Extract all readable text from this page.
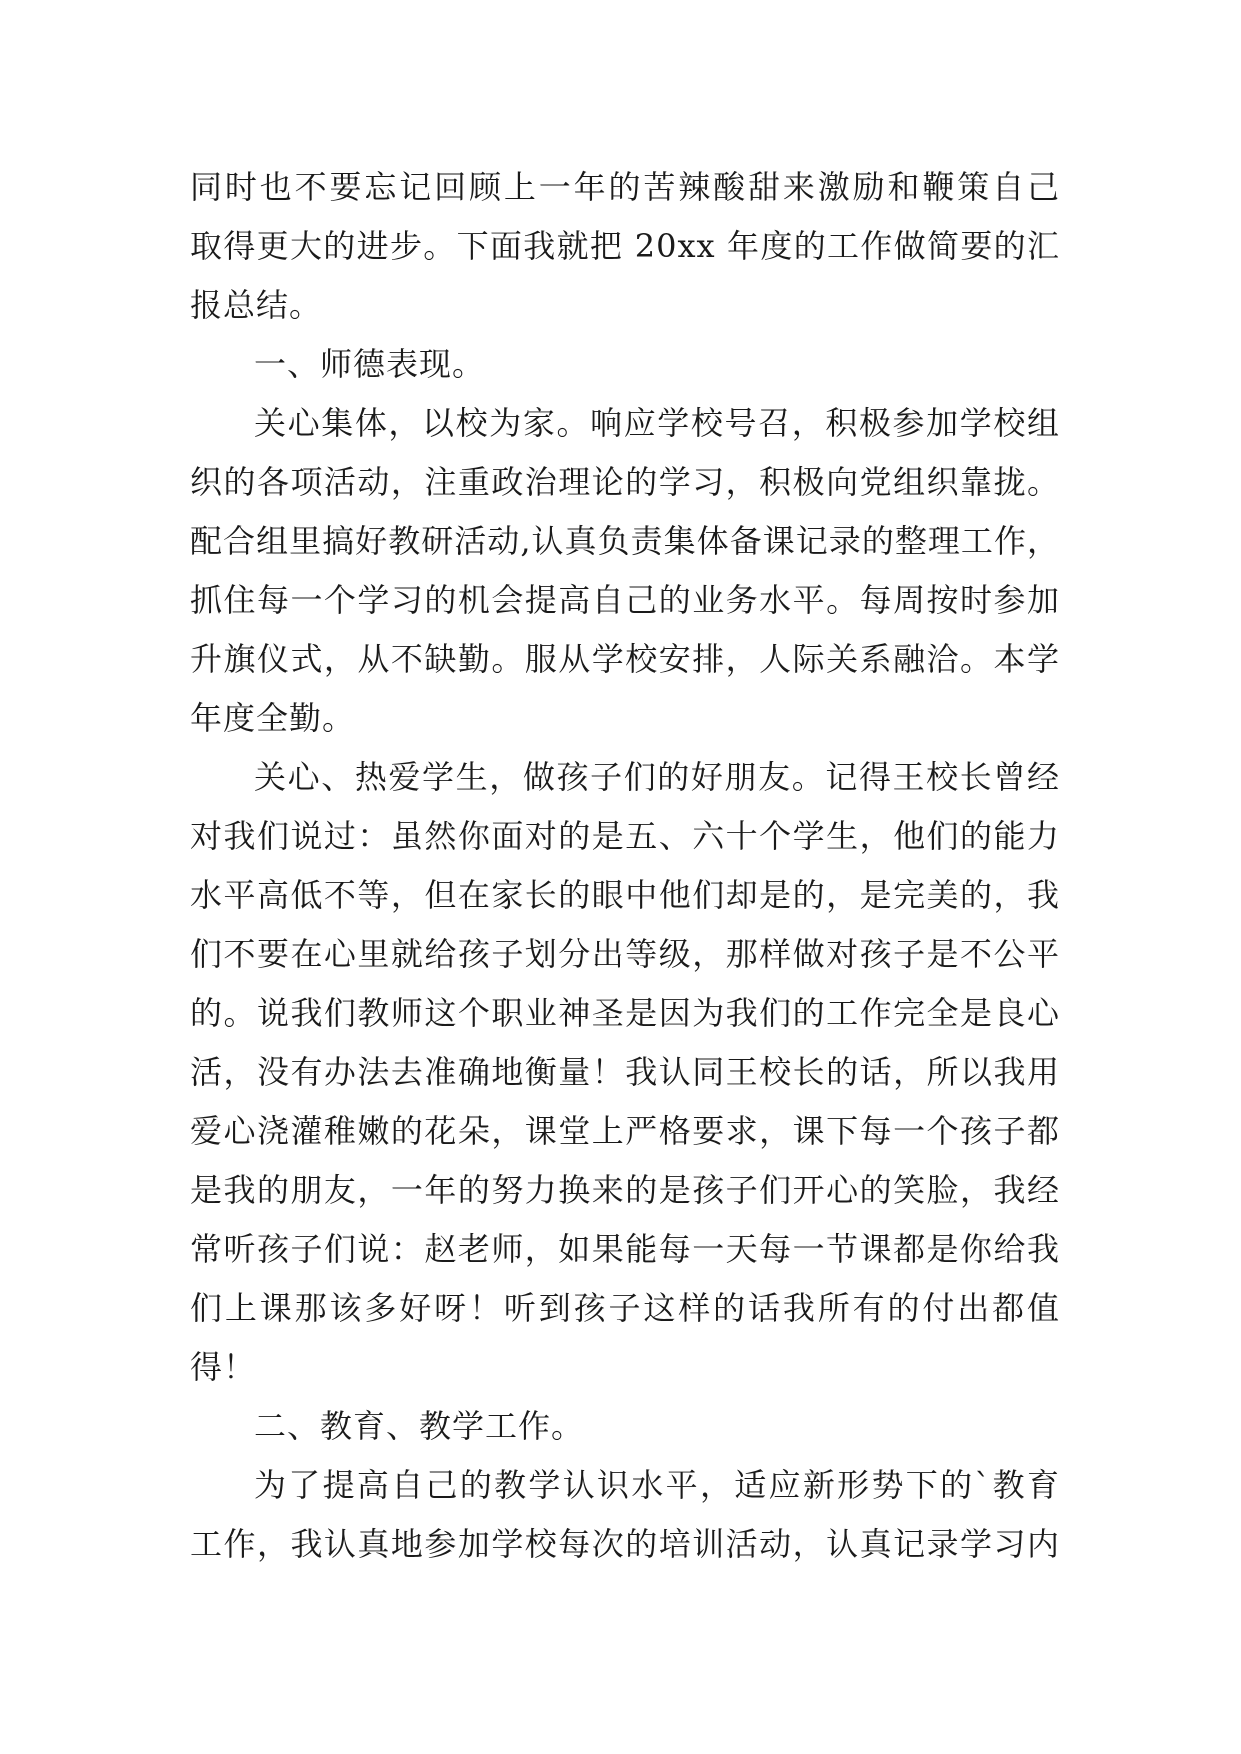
同时也不要忘记回顾上一年的苦辣酸甜来激励和鞭策自己
取得更大的进步。下面我就把 20xx 年度的工作做简要的汇
报总结。
一、师德表现。
关心集体，以校为家。响应学校号召，积极参加学校组
织的各项活动，注重政治理论的学习，积极向党组织靠拢。
配合组里搞好教研活动,认真负责集体备课记录的整理工作，
抓住每一个学习的机会提高自己的业务水平。每周按时参加
升旗仪式，从不缺勤。服从学校安排，人际关系融洽。本学
年度全勤。
关心、热爱学生，做孩子们的好朋友。记得王校长曾经
对我们说过：虽然你面对的是五、六十个学生，他们的能力
水平高低不等，但在家长的眼中他们却是的，是完美的，我
们不要在心里就给孩子划分出等级，那样做对孩子是不公平
的。说我们教师这个职业神圣是因为我们的工作完全是良心
活，没有办法去准确地衡量！我认同王校长的话，所以我用
爱心浇灌稚嫩的花朵，课堂上严格要求，课下每一个孩子都
是我的朋友，一年的努力换来的是孩子们开心的笑脸，我经
常听孩子们说：赵老师，如果能每一天每一节课都是你给我
们上课那该多好呀！听到孩子这样的话我所有的付出都值
得！
二、教育、教学工作。
为了提高自己的教学认识水平，适应新形势下的`教育
工作，我认真地参加学校每次的培训活动，认真记录学习内
